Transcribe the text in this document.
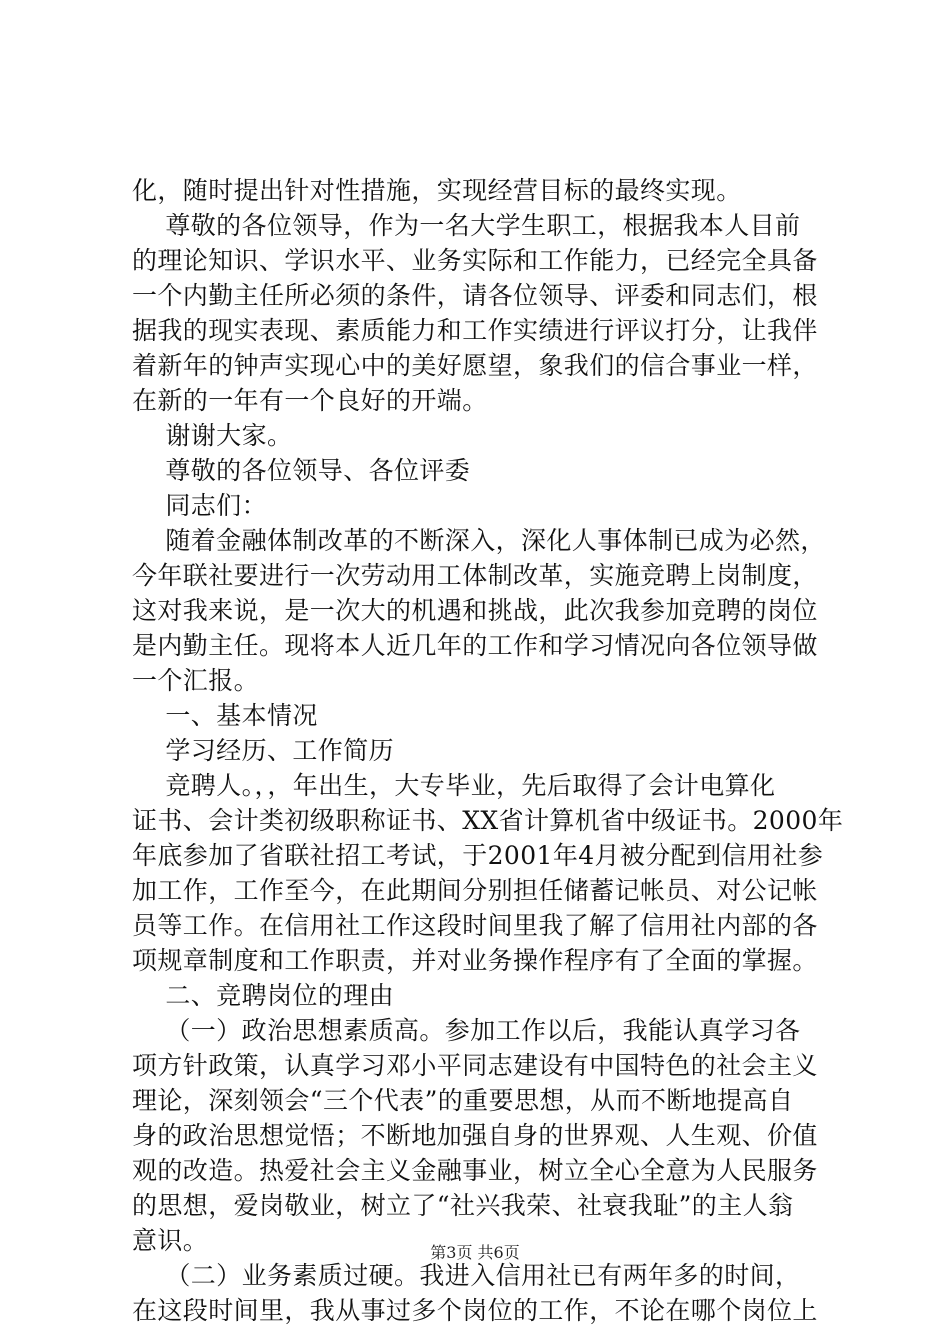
化，随时提出针对性措施，实现经营目标的最终实现。
尊敬的各位领导，作为一名大学生职工，根据我本人目前
的理论知识、学识水平、业务实际和工作能力，已经完全具备
一个内勤主任所必须的条件，请各位领导、评委和同志们，根
据我的现实表现、素质能力和工作实绩进行评议打分，让我伴
着新年的钟声实现心中的美好愿望，象我们的信合事业一样，
在新的一年有一个良好的开端。
谢谢大家。
尊敬的各位领导、各位评委
同志们：
随着金融体制改革的不断深入，深化人事体制已成为必然，
今年联社要进行一次劳动用工体制改革，实施竞聘上岗制度，
这对我来说，是一次大的机遇和挑战，此次我参加竞聘的岗位
是内勤主任。现将本人近几年的工作和学习情况向各位领导做
一个汇报。
一、基本情况
学习经历、工作简历
竞聘人。，，年出生，大专毕业，先后取得了会计电算化
证书、会计类初级职称证书、XX省计算机省中级证书。2000年
年底参加了省联社招工考试，于2001年4月被分配到信用社参
加工作，工作至今，在此期间分别担任储蓄记帐员、对公记帐
员等工作。在信用社工作这段时间里我了解了信用社内部的各
项规章制度和工作职责，并对业务操作程序有了全面的掌握。
二、竞聘岗位的理由
（一）政治思想素质高。参加工作以后，我能认真学习各
项方针政策，认真学习邓小平同志建设有中国特色的社会主义
理论，深刻领会“三个代表”的重要思想，从而不断地提高自
身的政治思想觉悟；不断地加强自身的世界观、人生观、价值
观的改造。热爱社会主义金融事业，树立全心全意为人民服务
的思想，爱岗敬业，树立了“社兴我荣、社衰我耻”的主人翁
意识。
（二）业务素质过硬。我进入信用社已有两年多的时间，
在这段时间里，我从事过多个岗位的工作，不论在哪个岗位上
第3页 共6页
